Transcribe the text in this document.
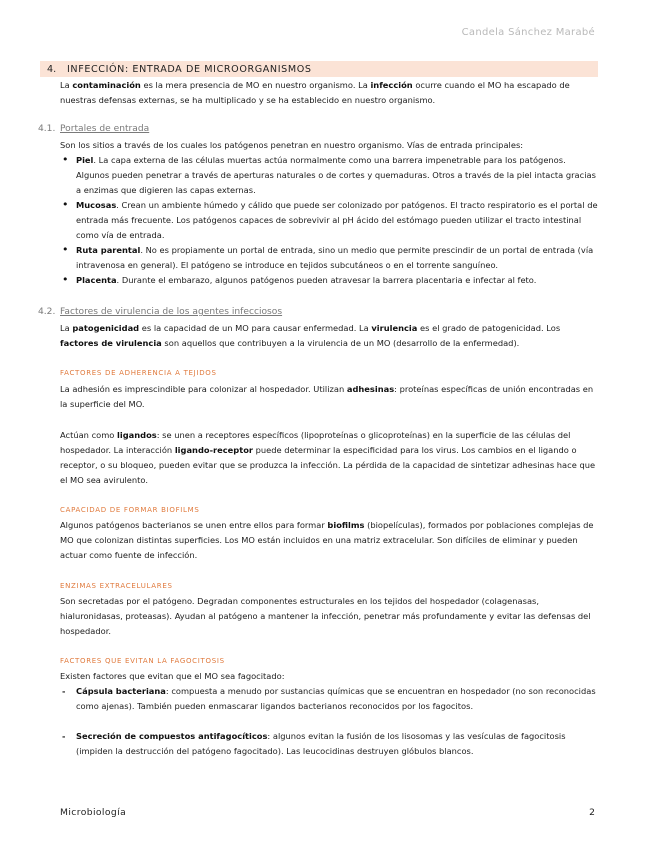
Candela Sánchez Marabé
4.	INFECCIÓN: ENTRADA DE MICROORGANISMOS

La contaminación es la mera presencia de MO en nuestro organismo. La infección ocurre cuando el MO ha escapado de nuestras defensas externas, se ha multiplicado y se ha establecido en nuestro organismo.

4.1. Portales de entrada

Son los sitios a través de los cuales los patógenos penetran en nuestro organismo. Vías de entrada principales:

• Piel. La capa externa de las células muertas actúa normalmente como una barrera impenetrable para los patógenos. Algunos pueden penetrar a través de aperturas naturales o de cortes y quemaduras. Otros a través de la piel intacta gracias a enzimas que digieren las capas externas.
• Mucosas. Crean un ambiente húmedo y cálido que puede ser colonizado por patógenos. El tracto respiratorio es el portal de entrada más frecuente. Los patógenos capaces de sobrevivir al pH ácido del estómago pueden utilizar el tracto intestinal como vía de entrada.
• Ruta parental. No es propiamente un portal de entrada, sino un medio que permite prescindir de un portal de entrada (vía intravenosa en general). El patógeno se introduce en tejidos subcutáneos o en el torrente sanguíneo.
• Placenta. Durante el embarazo, algunos patógenos pueden atravesar la barrera placentaria e infectar al feto.
4.2. Factores de virulencia de los agentes infecciosos

La patogenicidad es la capacidad de un MO para causar enfermedad. La virulencia es el grado de patogenicidad. Los factores de virulencia son aquellos que contribuyen a la virulencia de un MO (desarrollo de la enfermedad).

FACTORES DE ADHERENCIA A TEJIDOS

La adhesión es imprescindible para colonizar al hospedador. Utilizan adhesinas: proteínas específicas de unión encontradas en la superficie del MO.

Actúan como ligandos: se unen a receptores específicos (lipoproteínas o glicoproteínas) en la superficie de las células del hospedador. La interacción ligando-receptor puede determinar la especificidad para los virus. Los cambios en el ligando o receptor, o su bloqueo, pueden evitar que se produzca la infección. La pérdida de la capacidad de sintetizar adhesinas hace que el MO sea avirulento.

CAPACIDAD DE FORMAR BIOFILMS

Algunos patógenos bacterianos se unen entre ellos para formar biofilms (biopelículas), formados por poblaciones complejas de MO que colonizan distintas superficies. Los MO están incluidos en una matriz extracelular. Son difíciles de eliminar y pueden actuar como fuente de infección.

ENZIMAS EXTRACELULARES

Son secretadas por el patógeno. Degradan componentes estructurales en los tejidos del hospedador (colagenasas, hialuronidasas, proteasas). Ayudan al patógeno a mantener la infección, penetrar más profundamente y evitar las defensas del hospedador.

FACTORES QUE EVITAN LA FAGOCITOSIS

Existen factores que evitan que el MO sea fagocitado:

- Cápsula bacteriana: compuesta a menudo por sustancias químicas que se encuentran en hospedador (no son reconocidas como ajenas). También pueden enmascarar ligandos bacterianos reconocidos por los fagocitos.
- Secreción de compuestos antifagocíticos: algunos evitan la fusión de los lisosomas y las vesículas de fagocitosis (impiden la destrucción del patógeno fagocitado). Las leucocidinas destruyen glóbulos blancos.
Microbiología	2
